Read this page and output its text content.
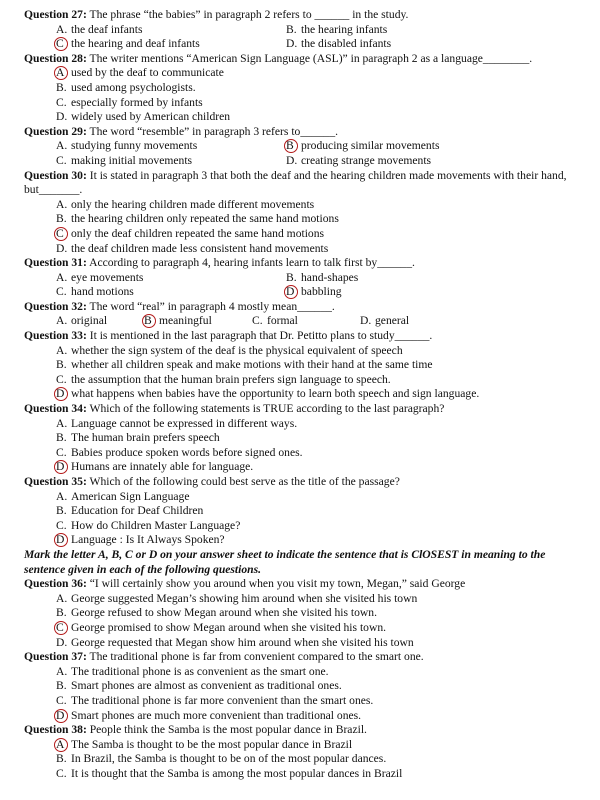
Question 27: The phrase “the babies” in paragraph 2 refers to ______ in the study.

A. the deaf infants	B. the hearing infants
C the hearing and deaf infants	D. the disabled infants

Question 28: The writer mentions “American Sign Language (ASL)” in paragraph 2 as a language________.

A used by the deaf to communicate
B. used among psychologists.
C. especially formed by infants
D. widely used by American children

Question 29: The word “resemble” in paragraph 3 refers to______.

A. studying funny movements	B producing similar movements
C. making initial movements	D. creating strange movements

Question 30: It is stated in paragraph 3 that both the deaf and the hearing children made movements with their hand, but_______.

A. only the hearing children made different movements
B. the hearing children only repeated the same hand motions
C only the deaf children repeated the same hand motions
D. the deaf children made less consistent hand movements

Question 31: According to paragraph 4, hearing infants learn to talk first by______.

A. eye movements	B. hand-shapes
C. hand motions	D babbling

Question 32: The word “real” in paragraph 4 mostly mean______.

A. original	B meaningful	C. formal	D. general

Question 33: It is mentioned in the last paragraph that Dr. Petitto plans to study______.

A. whether the sign system of the deaf is the physical equivalent of speech
B. whether all children speak and make motions with their hand at the same time
C. the assumption that the human brain prefers sign language to speech.
D what happens when babies have the opportunity to learn both speech and sign language.

Question 34: Which of the following statements is TRUE according to the last paragraph?

A. Language cannot be expressed in different ways.
B. The human brain prefers speech
C. Babies produce spoken words before signed ones.
D Humans are innately able for language.

Question 35: Which of the following could best serve as the title of the passage?

A. American Sign Language
B. Education for Deaf Children
C. How do Children Master Language?
D Language : Is It Always Spoken?

Mark the letter A, B, C or D on your answer sheet to indicate the sentence that is ClOSEST in meaning to the sentence given in each of the following questions.

Question 36: “I will certainly show you around when you visit my town, Megan,” said George

A. George suggested Megan’s showing him around when she visited his town
B. George refused to show Megan around when she visited his town.
C George promised to show Megan around when she visited his town.
D. George requested that Megan show him around when she visited his town

Question 37: The traditional phone is far from convenient compared to the smart one.

A. The traditional phone is as convenient as the smart one.
B. Smart phones are almost as convenient as traditional ones.
C. The traditional phone is far more convenient than the smart ones.
D Smart phones are much more convenient than traditional ones.

Question 38: People think the Samba is the most popular dance in Brazil.

A The Samba is thought to be the most popular dance in Brazil
B. In Brazil, the Samba is thought to be on of the most popular dances.
C. It is thought that the Samba is among the most popular dances in Brazil
